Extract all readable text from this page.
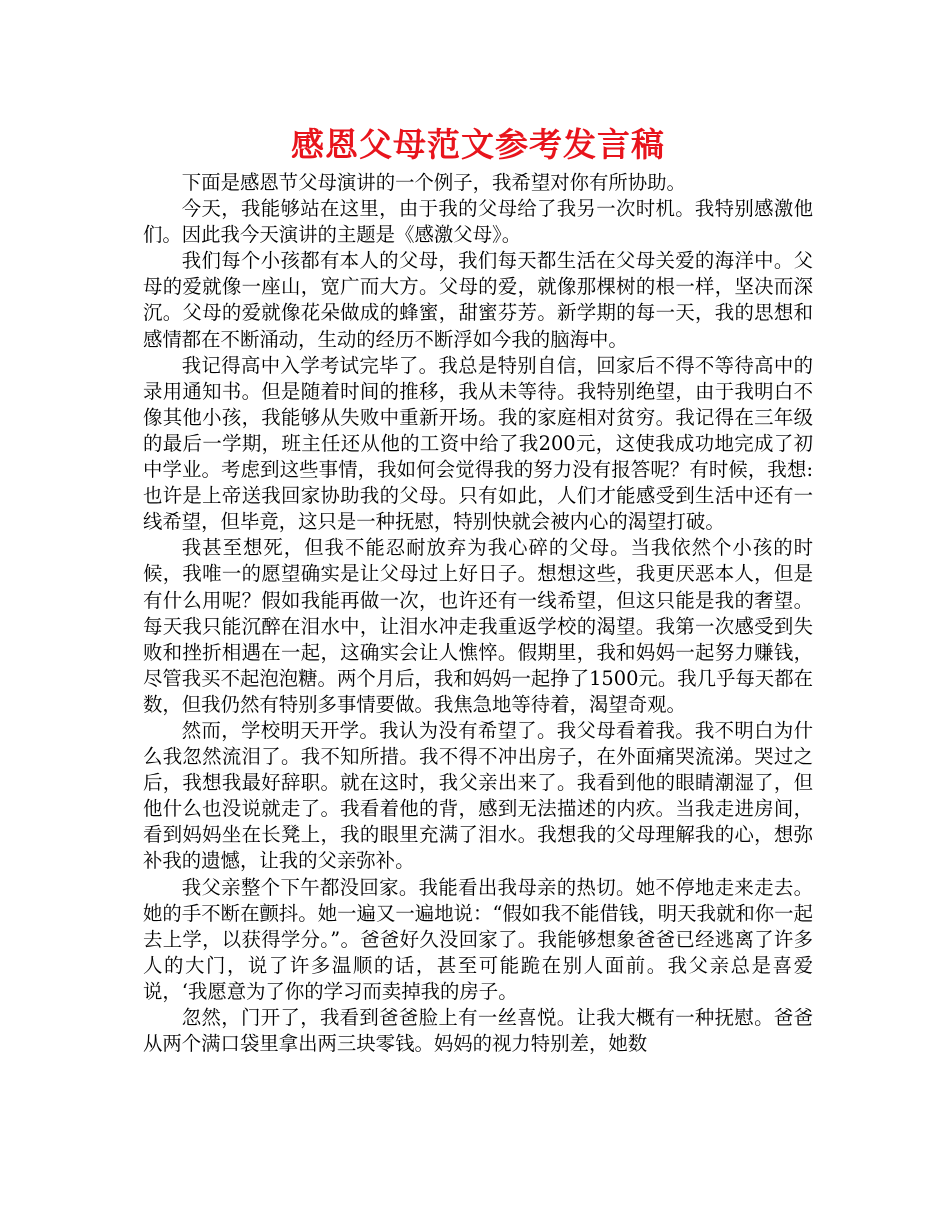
感恩父母范文参考发言稿

下面是感恩节父母演讲的一个例子，我希望对你有所协助。

今天，我能够站在这里，由于我的父母给了我另一次时机。我特别感激他们。因此我今天演讲的主题是《感激父母》。

我们每个小孩都有本人的父母，我们每天都生活在父母关爱的海洋中。父母的爱就像一座山，宽广而大方。父母的爱，就像那棵树的根一样，坚决而深沉。父母的爱就像花朵做成的蜂蜜，甜蜜芬芳。新学期的每一天，我的思想和感情都在不断涌动，生动的经历不断浮如今我的脑海中。

我记得高中入学考试完毕了。我总是特别自信，回家后不得不等待高中的录用通知书。但是随着时间的推移，我从未等待。我特别绝望，由于我明白不像其他小孩，我能够从失败中重新开场。我的家庭相对贫穷。我记得在三年级的最后一学期，班主任还从他的工资中给了我200元，这使我成功地完成了初中学业。考虑到这些事情，我如何会觉得我的努力没有报答呢？有时候，我想:也许是上帝送我回家协助我的父母。只有如此，人们才能感受到生活中还有一线希望，但毕竟，这只是一种抚慰，特别快就会被内心的渴望打破。

我甚至想死，但我不能忍耐放弃为我心碎的父母。当我依然个小孩的时候，我唯一的愿望确实是让父母过上好日子。想想这些，我更厌恶本人，但是有什么用呢？假如我能再做一次，也许还有一线希望，但这只能是我的奢望。每天我只能沉醉在泪水中，让泪水冲走我重返学校的渴望。我第一次感受到失败和挫折相遇在一起，这确实会让人憔悴。假期里，我和妈妈一起努力赚钱，尽管我买不起泡泡糖。两个月后，我和妈妈一起挣了1500元。我几乎每天都在数，但我仍然有特别多事情要做。我焦急地等待着，渴望奇观。

然而，学校明天开学。我认为没有希望了。我父母看着我。我不明白为什么我忽然流泪了。我不知所措。我不得不冲出房子，在外面痛哭流涕。哭过之后，我想我最好辞职。就在这时，我父亲出来了。我看到他的眼睛潮湿了，但他什么也没说就走了。我看着他的背，感到无法描述的内疚。当我走进房间，看到妈妈坐在长凳上，我的眼里充满了泪水。我想我的父母理解我的心，想弥补我的遗憾，让我的父亲弥补。

我父亲整个下午都没回家。我能看出我母亲的热切。她不停地走来走去。她的手不断在颤抖。她一遍又一遍地说：“假如我不能借钱，明天我就和你一起去上学，以获得学分。”。爸爸好久没回家了。我能够想象爸爸已经逃离了许多人的大门，说了许多温顺的话，甚至可能跪在别人面前。我父亲总是喜爱说，‘我愿意为了你的学习而卖掉我的房子。

忽然，门开了，我看到爸爸脸上有一丝喜悦。让我大概有一种抚慰。爸爸从两个满口袋里拿出两三块零钱。妈妈的视力特别差，她数
